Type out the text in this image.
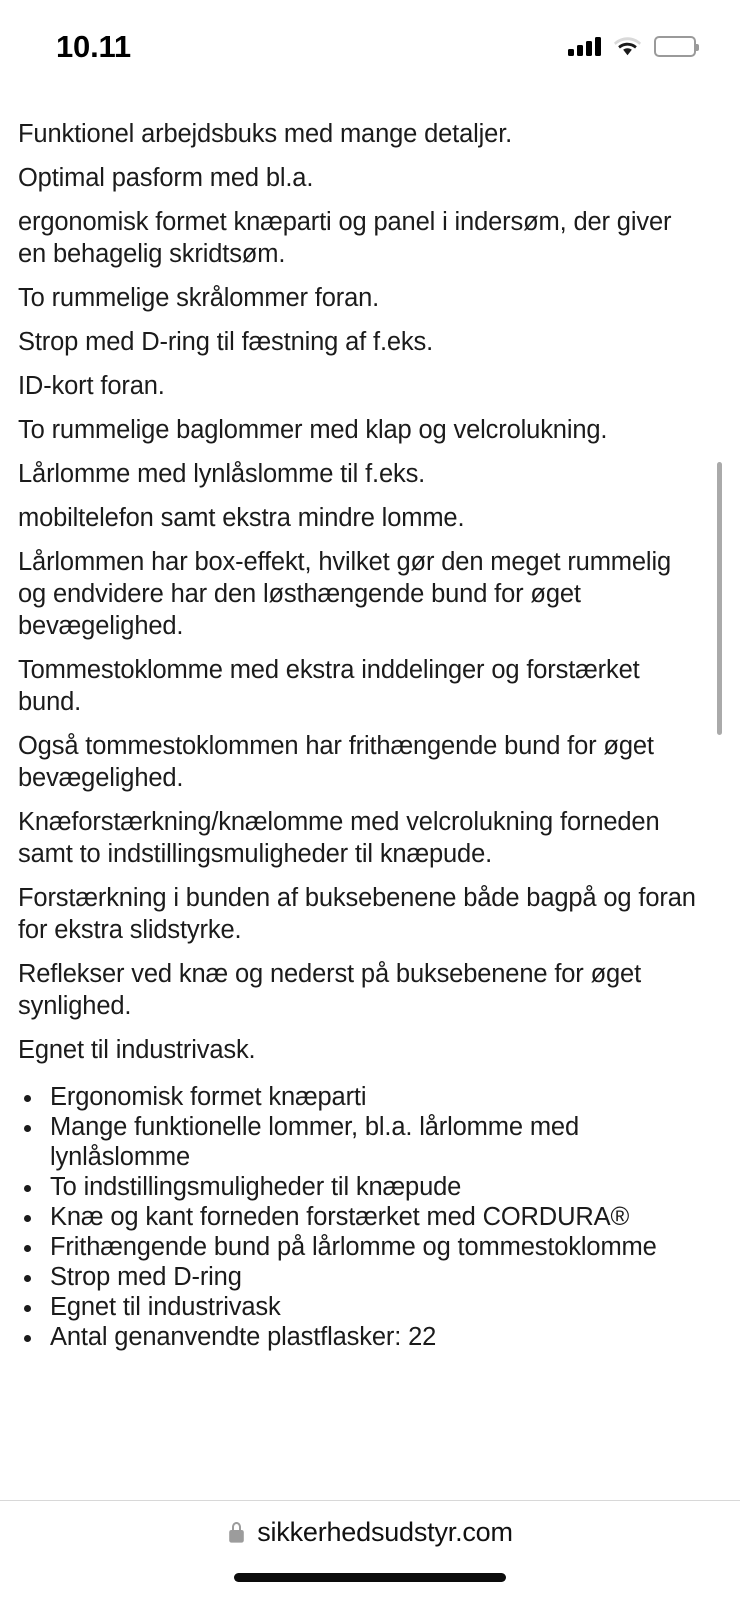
10.11

Funktionel arbejdsbuks med mange detaljer.

Optimal pasform med bl.a.

ergonomisk formet knæparti og panel i indersøm, der giver en behagelig skridtsøm.

To rummelige skrålommer foran.

Strop med D-ring til fæstning af f.eks.

ID-kort foran.

To rummelige baglommer med klap og velcrolukning.

Lårlomme med lynlåslomme til f.eks.

mobiltelefon samt ekstra mindre lomme.

Lårlommen har box-effekt, hvilket gør den meget rummelig og endvidere har den løsthængende bund for øget bevægelighed.

Tommestoklomme med ekstra inddelinger og forstærket bund.

Også tommestoklommen har frithængende bund for øget bevægelighed.

Knæforstærkning/knælomme med velcrolukning forneden samt to indstillingsmuligheder til knæpude.

Forstærkning i bunden af buksebenene både bagpå og foran for ekstra slidstyrke.

Reflekser ved knæ og nederst på buksebenene for øget synlighed.

Egnet til industrivask.

Ergonomisk formet knæparti
Mange funktionelle lommer, bl.a. lårlomme med lynlåslomme
To indstillingsmuligheder til knæpude
Knæ og kant forneden forstærket med CORDURA®
Frithængende bund på lårlomme og tommestoklomme
Strop med D-ring
Egnet til industrivask
Antal genanvendte plastflasker: 22
sikkerhedsudstyr.com
